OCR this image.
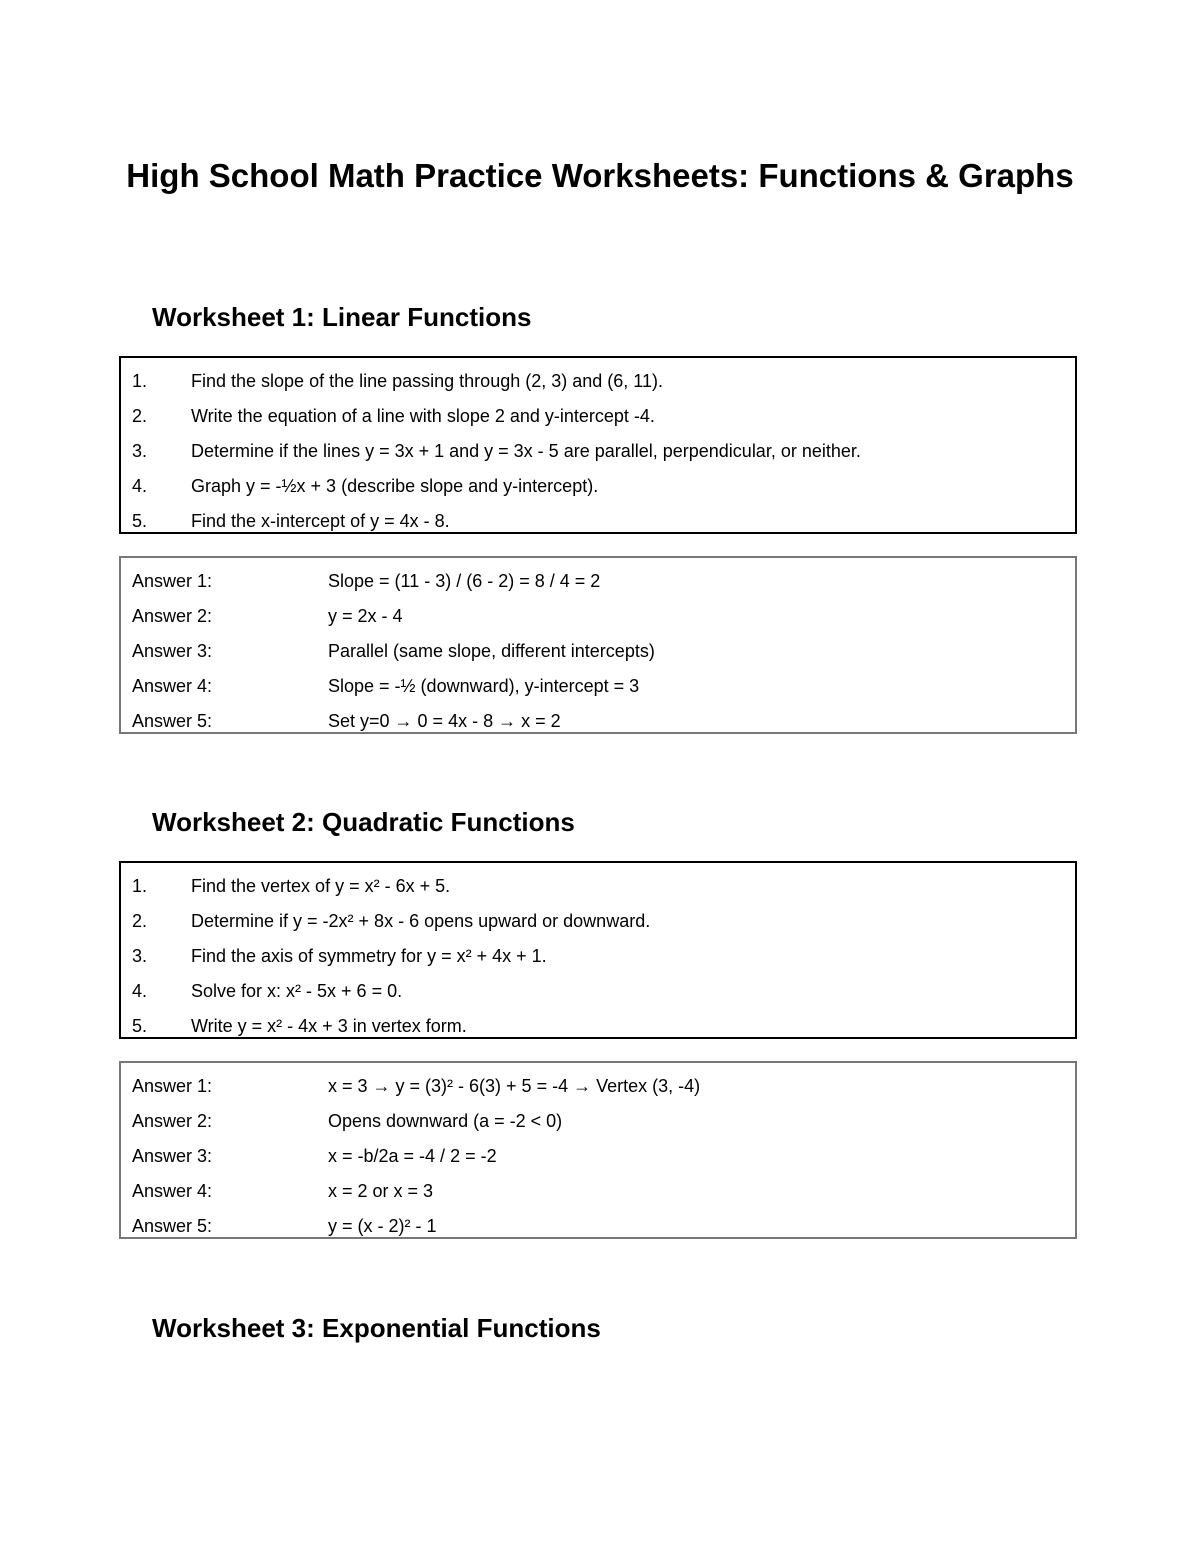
High School Math Practice Worksheets: Functions & Graphs
Worksheet 1: Linear Functions
1. Find the slope of the line passing through (2, 3) and (6, 11).
2. Write the equation of a line with slope 2 and y-intercept -4.
3. Determine if the lines y = 3x + 1 and y = 3x - 5 are parallel, perpendicular, or neither.
4. Graph y = -½x + 3 (describe slope and y-intercept).
5. Find the x-intercept of y = 4x - 8.
Answer 1:	Slope = (11 - 3) / (6 - 2) = 8 / 4 = 2
Answer 2:	y = 2x - 4
Answer 3:	Parallel (same slope, different intercepts)
Answer 4:	Slope = -½ (downward), y-intercept = 3
Answer 5:	Set y=0 → 0 = 4x - 8 → x = 2
Worksheet 2: Quadratic Functions
1. Find the vertex of y = x² - 6x + 5.
2. Determine if y = -2x² + 8x - 6 opens upward or downward.
3. Find the axis of symmetry for y = x² + 4x + 1.
4. Solve for x: x² - 5x + 6 = 0.
5. Write y = x² - 4x + 3 in vertex form.
Answer 1:	x = 3 → y = (3)² - 6(3) + 5 = -4 → Vertex (3, -4)
Answer 2:	Opens downward (a = -2 < 0)
Answer 3:	x = -b/2a = -4 / 2 = -2
Answer 4:	x = 2 or x = 3
Answer 5:	y = (x - 2)² - 1
Worksheet 3: Exponential Functions
